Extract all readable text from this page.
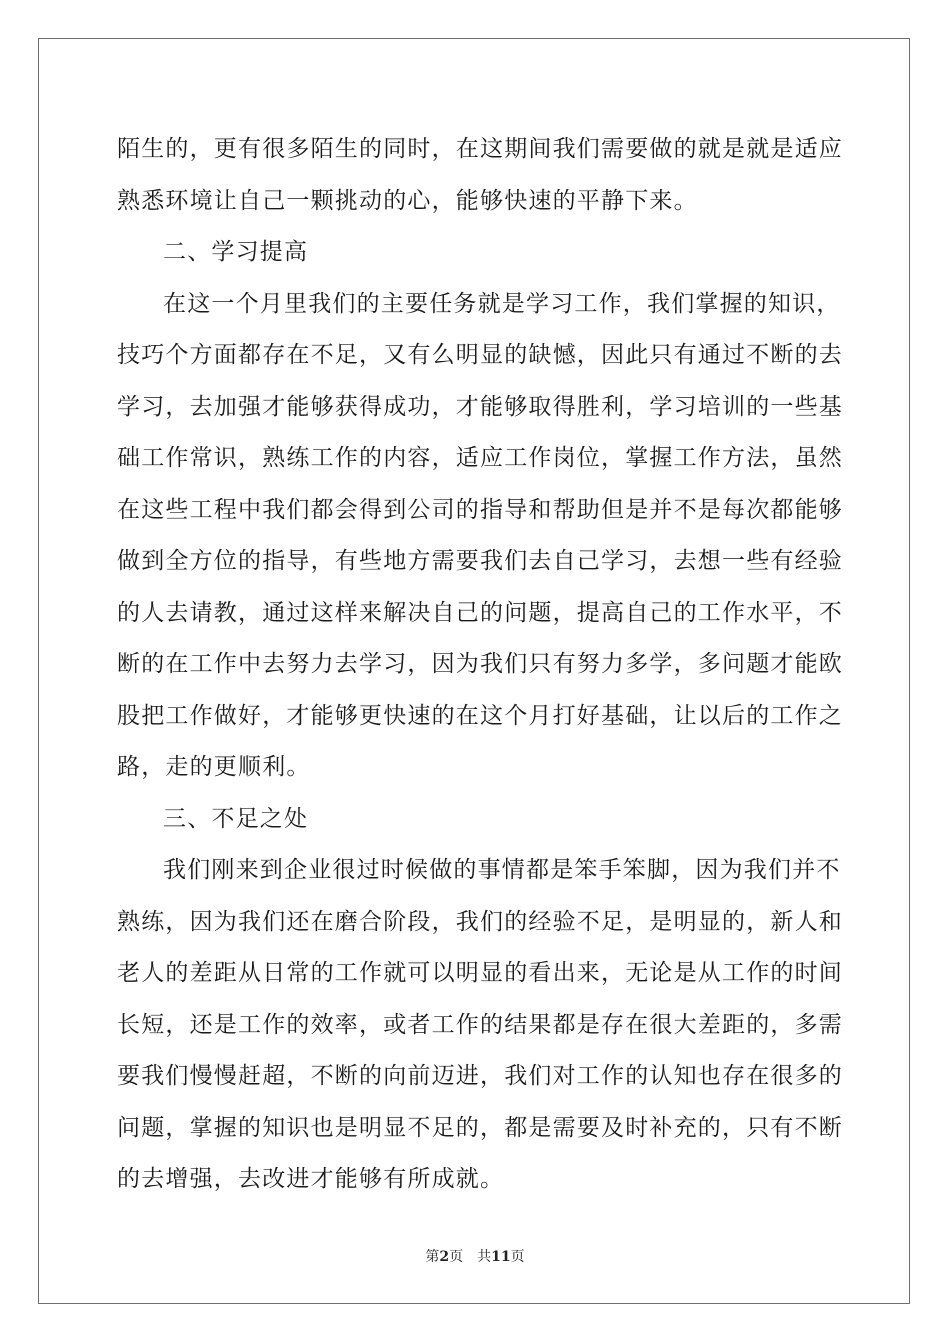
陌生的，更有很多陌生的同时，在这期间我们需要做的就是就是适应
熟悉环境让自己一颗挑动的心，能够快速的平静下来。
二、学习提高
在这一个月里我们的主要任务就是学习工作，我们掌握的知识，
技巧个方面都存在不足，又有么明显的缺憾，因此只有通过不断的去
学习，去加强才能够获得成功，才能够取得胜利，学习培训的一些基
础工作常识，熟练工作的内容，适应工作岗位，掌握工作方法，虽然
在这些工程中我们都会得到公司的指导和帮助但是并不是每次都能够
做到全方位的指导，有些地方需要我们去自己学习，去想一些有经验
的人去请教，通过这样来解决自己的问题，提高自己的工作水平，不
断的在工作中去努力去学习，因为我们只有努力多学，多问题才能欧
股把工作做好，才能够更快速的在这个月打好基础，让以后的工作之
路，走的更顺利。
三、不足之处
我们刚来到企业很过时候做的事情都是笨手笨脚，因为我们并不
熟练，因为我们还在磨合阶段，我们的经验不足，是明显的，新人和
老人的差距从日常的工作就可以明显的看出来，无论是从工作的时间
长短，还是工作的效率，或者工作的结果都是存在很大差距的，多需
要我们慢慢赶超，不断的向前迈进，我们对工作的认知也存在很多的
问题，掌握的知识也是明显不足的，都是需要及时补充的，只有不断
的去增强，去改进才能够有所成就。
第2页 共11页
